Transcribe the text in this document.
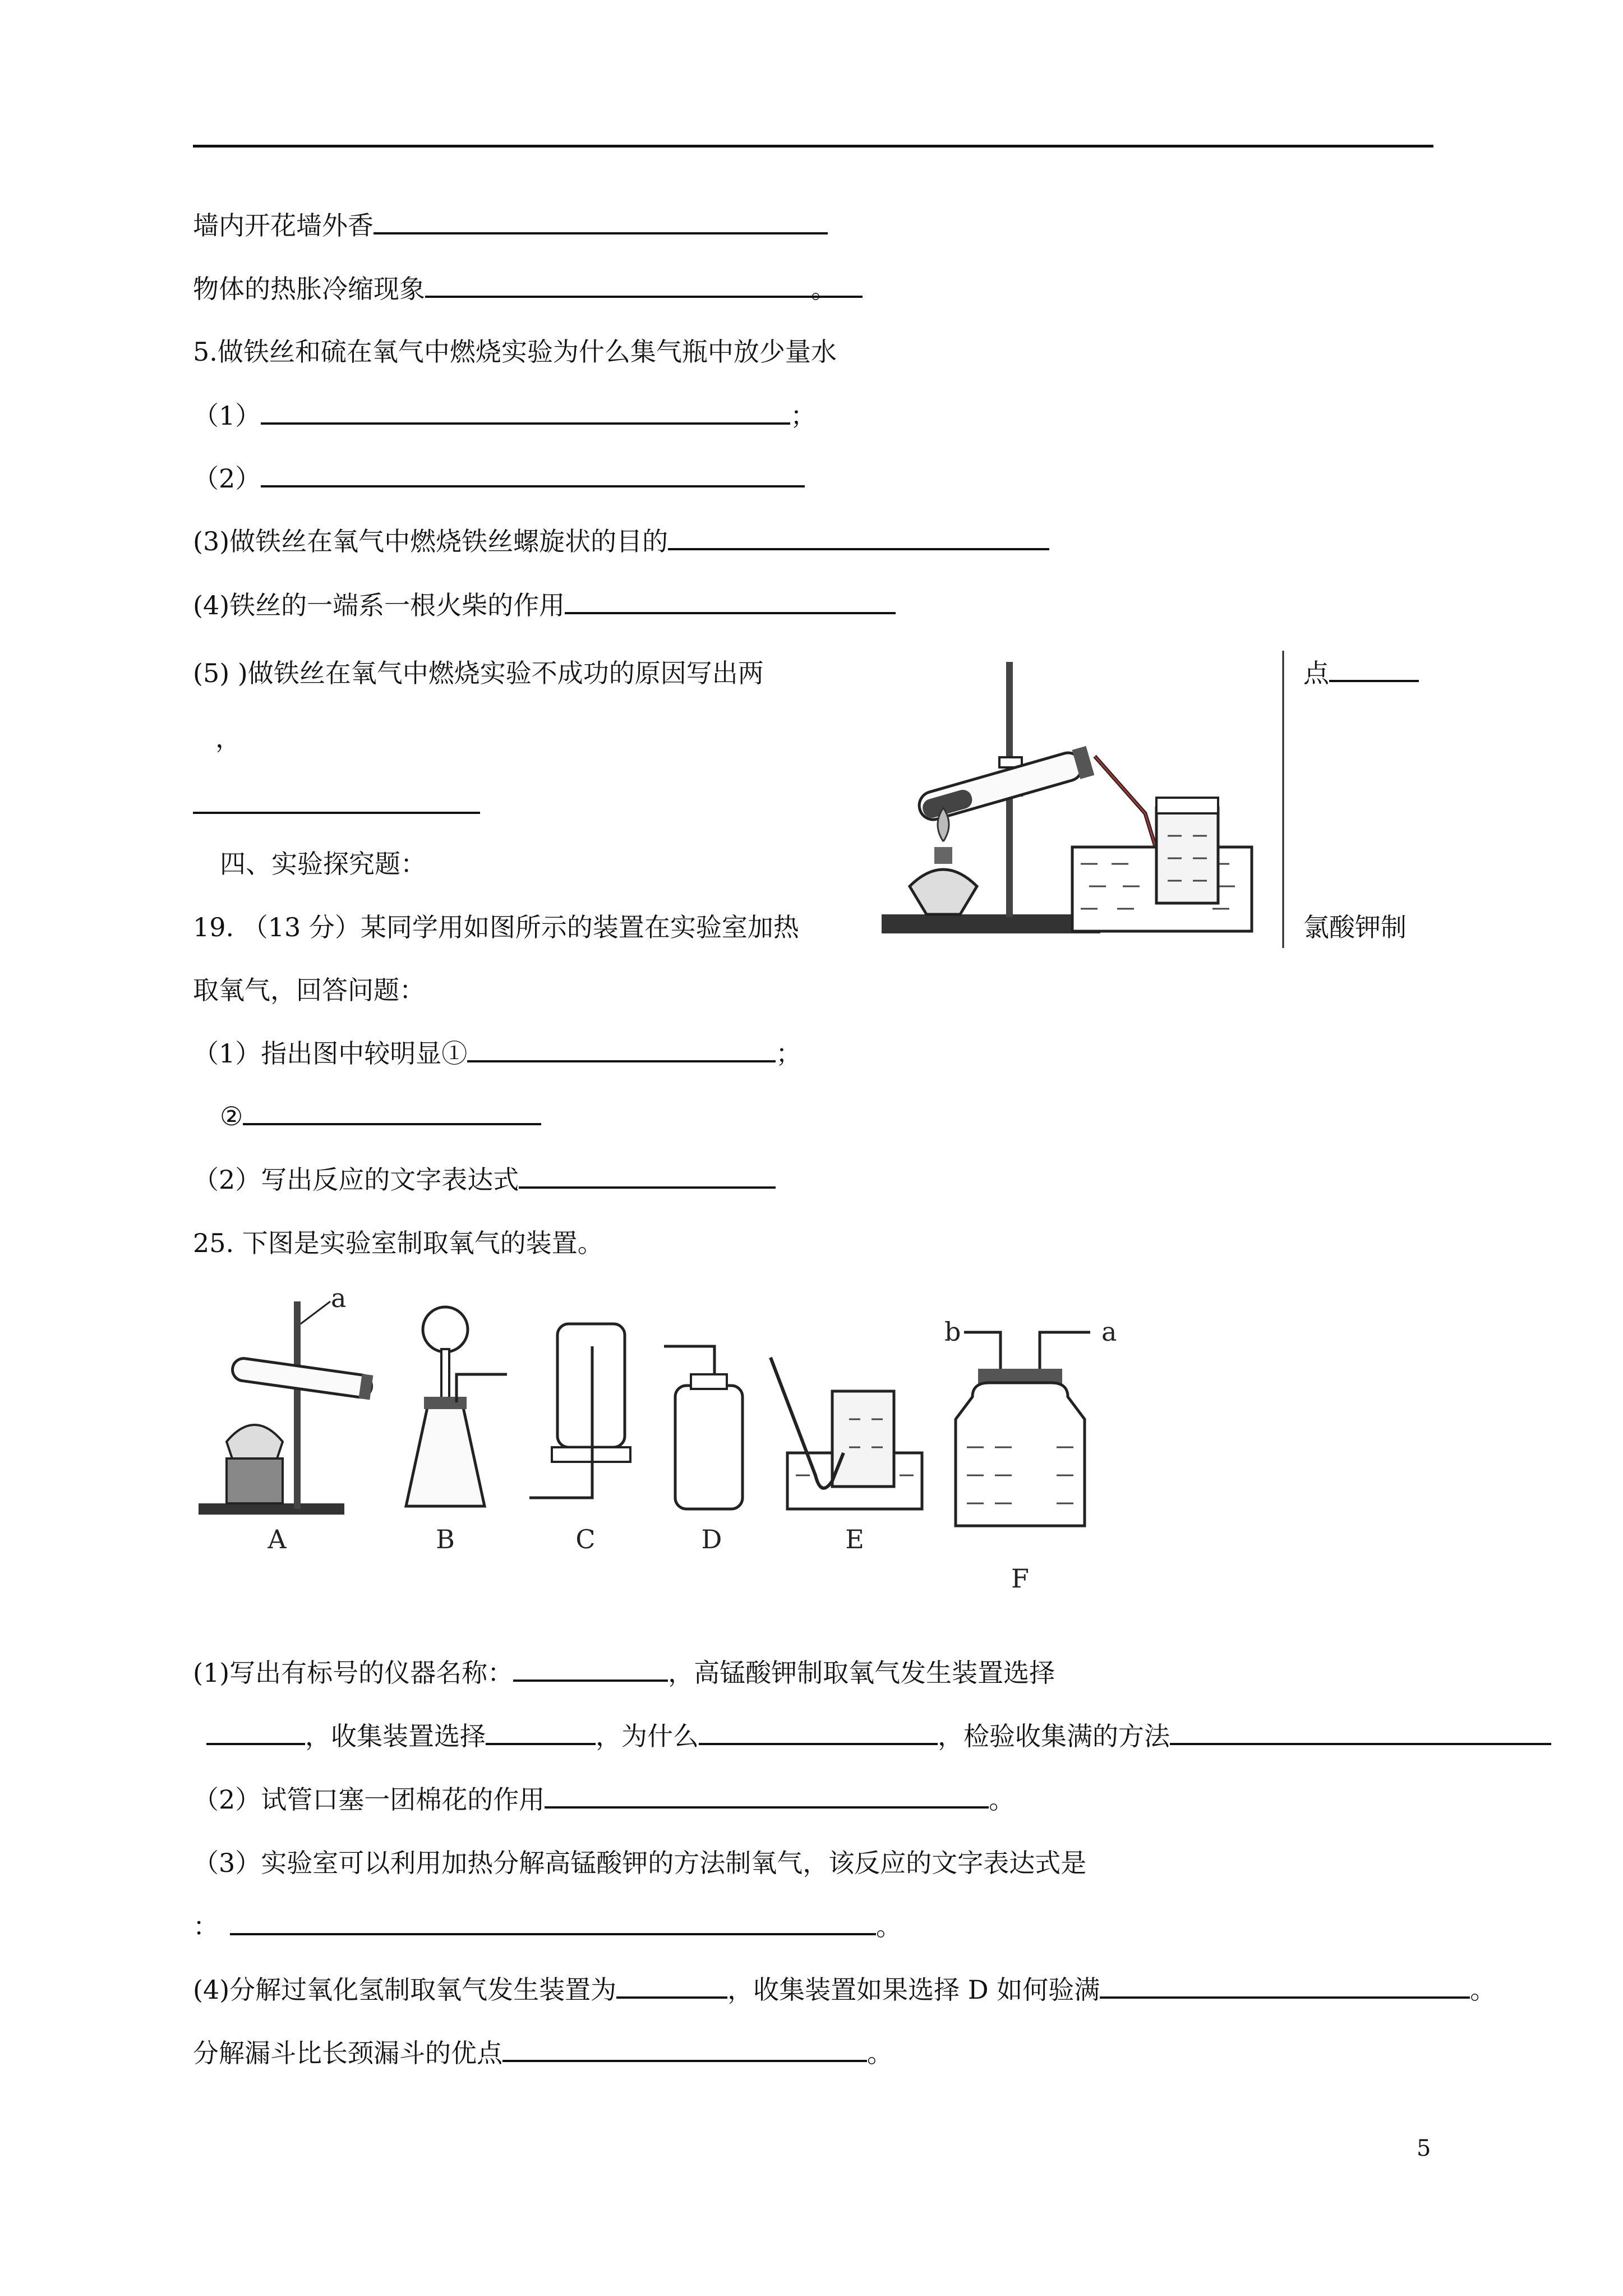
墙内开花墙外香
物体的热胀冷缩现象	。
5.做铁丝和硫在氧气中燃烧实验为什么集气瓶中放少量水
（1）	；
（2）
(3)做铁丝在氧气中燃烧铁丝螺旋状的目的
(4)铁丝的一端系一根火柴的作用
(5) )做铁丝在氧气中燃烧实验不成功的原因写出两	点
，
四、实验探究题：
19. （13 分）某同学用如图所示的装置在实验室加热	氯酸钾制
取氧气，回答问题：
（1）指出图中较明显①	；
②
（2）写出反应的文字表达式
25. 下图是实验室制取氧气的装置。
a
A	B	C	D	E
b	a
F
(1)写出有标号的仪器名称：	，高锰酸钾制取氧气发生装置选择
，收集装置选择	，为什么	，检验收集满的方法
（2）试管口塞一团棉花的作用	。
（3）实验室可以利用加热分解高锰酸钾的方法制氧气，该反应的文字表达式是
：	。
(4)分解过氧化氢制取氧气发生装置为	，收集装置如果选择 D 如何验满	。
分解漏斗比长颈漏斗的优点	。
5
